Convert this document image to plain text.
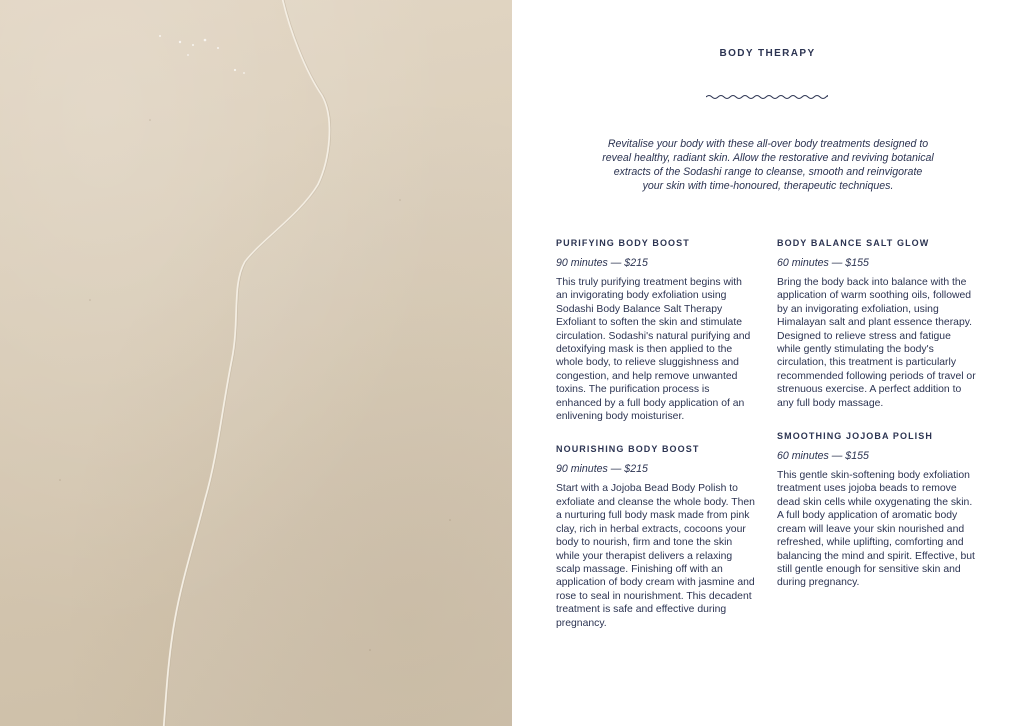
BODY THERAPY

Revitalise your body with these all-over body treatments designed to reveal healthy, radiant skin. Allow the restorative and reviving botanical extracts of the Sodashi range to cleanse, smooth and reinvigorate your skin with time-honoured, therapeutic techniques.

PURIFYING BODY BOOST
90 minutes — $215

This truly purifying treatment begins with an invigorating body exfoliation using Sodashi Body Balance Salt Therapy Exfoliant to soften the skin and stimulate circulation. Sodashi's natural purifying and detoxifying mask is then applied to the whole body, to relieve sluggishness and congestion, and help remove unwanted toxins. The purification process is enhanced by a full body application of an enlivening body moisturiser.

NOURISHING BODY BOOST
90 minutes — $215

Start with a Jojoba Bead Body Polish to exfoliate and cleanse the whole body. Then a nurturing full body mask made from pink clay, rich in herbal extracts, cocoons your body to nourish, firm and tone the skin while your therapist delivers a relaxing scalp massage. Finishing off with an application of body cream with jasmine and rose to seal in nourishment. This decadent treatment is safe and effective during pregnancy.

BODY BALANCE SALT GLOW
60 minutes — $155

Bring the body back into balance with the application of warm soothing oils, followed by an invigorating exfoliation, using Himalayan salt and plant essence therapy. Designed to relieve stress and fatigue while gently stimulating the body's circulation, this treatment is particularly recommended following periods of travel or strenuous exercise. A perfect addition to any full body massage.

SMOOTHING JOJOBA POLISH
60 minutes — $155

This gentle skin-softening body exfoliation treatment uses jojoba beads to remove dead skin cells while oxygenating the skin. A full body application of aromatic body cream will leave your skin nourished and refreshed, while uplifting, comforting and balancing the mind and spirit. Effective, but still gentle enough for sensitive skin and during pregnancy.
